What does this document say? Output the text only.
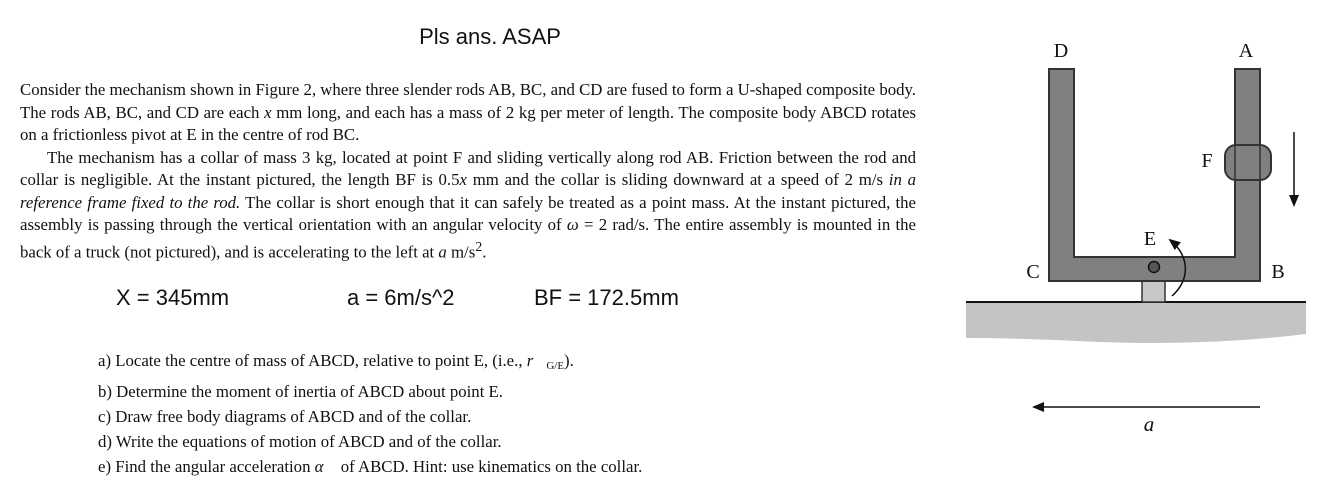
Pls ans. ASAP

Consider the mechanism shown in Figure 2, where three slender rods AB, BC, and CD are fused to form a U-shaped composite body. The rods AB, BC, and CD are each x mm long, and each has a mass of 2 kg per meter of length. The composite body ABCD rotates on a frictionless pivot at E in the centre of rod BC.

The mechanism has a collar of mass 3 kg, located at point F and sliding vertically along rod AB. Friction between the rod and collar is negligible. At the instant pictured, the length BF is 0.5x mm and the collar is sliding downward at a speed of 2 m/s in a reference frame fixed to the rod. The collar is short enough that it can safely be treated as a point mass. At the instant pictured, the assembly is passing through the vertical orientation with an angular velocity of ω = 2 rad/s. The entire assembly is mounted in the back of a truck (not pictured), and is accelerating to the left at a $m/s^2$.

X = 345mm	a = 6m/s^2	BF = 172.5mm
a) Locate the centre of mass of ABCD, relative to point E, (i.e., $r⃗_{G/E}$).
b) Determine the moment of inertia of ABCD about point E.
c) Draw free body diagrams of ABCD and of the collar.
d) Write the equations of motion of ABCD and of the collar.
e) Find the angular acceleration α⃗ of ABCD. Hint: use kinematics on the collar.
D	A
F
E
C	B
a
